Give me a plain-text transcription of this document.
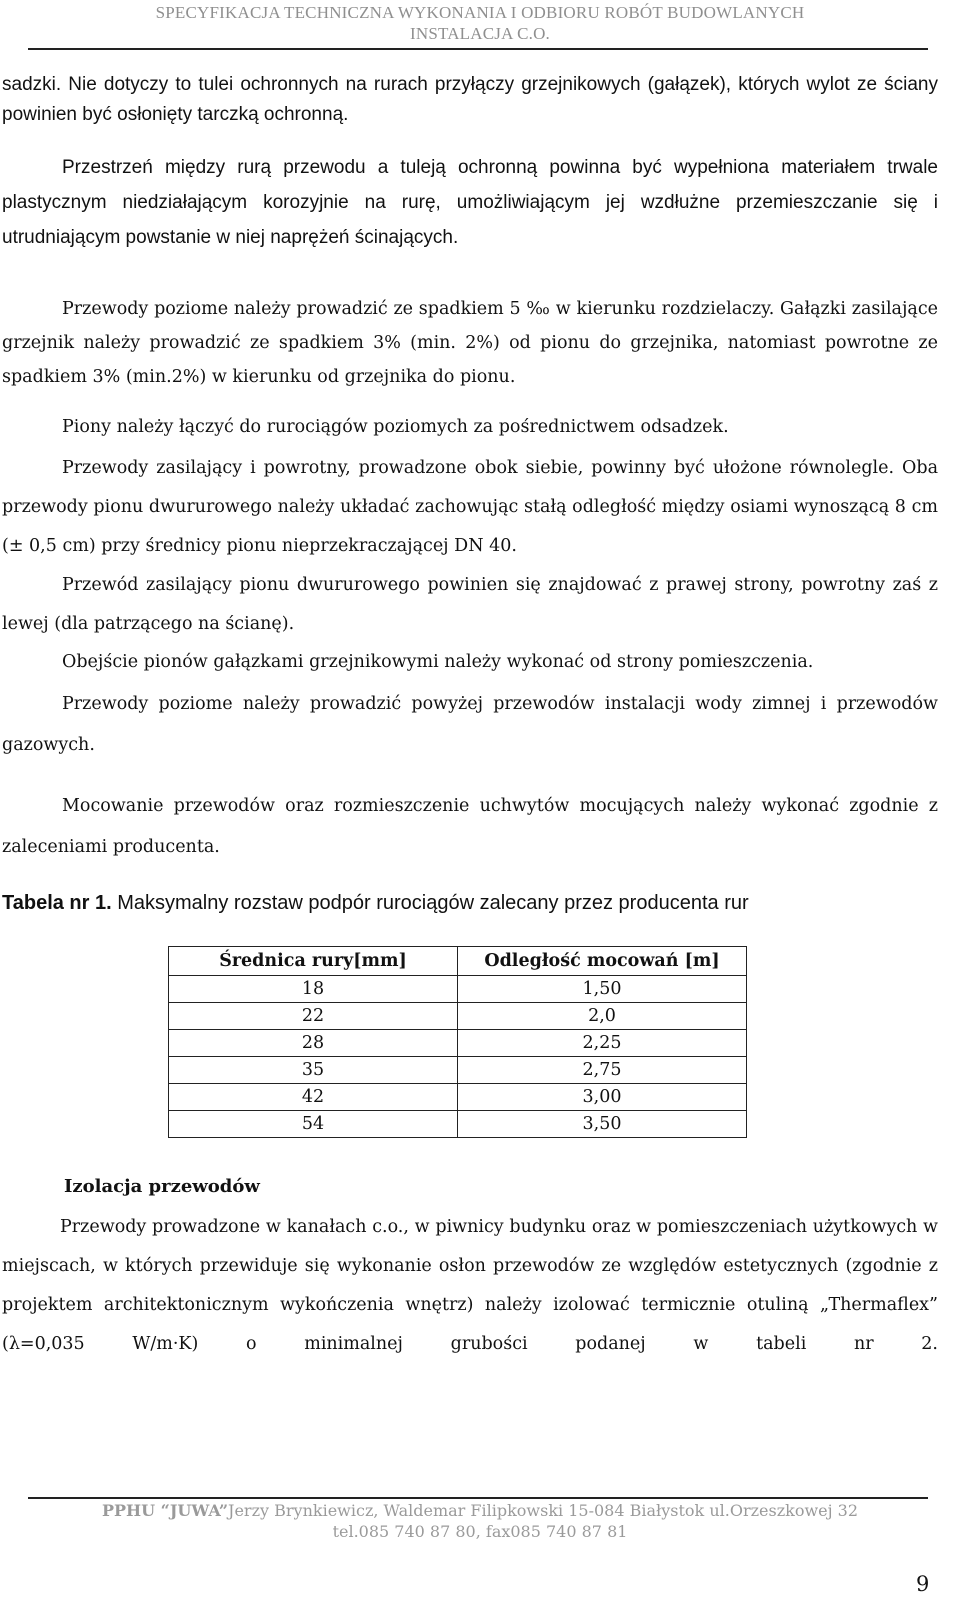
SPECYFIKACJA TECHNICZNA WYKONANIA I ODBIORU ROBÓT BUDOWLANYCH
INSTALACJA C.O.

sadzki. Nie dotyczy to tulei ochronnych na rurach przyłączy grzejnikowych (gałązek), których wylot ze ściany powinien być osłonięty tarczką ochronną.

Przestrzeń między rurą przewodu a tuleją ochronną powinna być wypełniona materiałem trwale plastycznym niedziałającym korozyjnie na rurę, umożliwiającym jej wzdłużne przemieszczanie się i utrudniającym powstanie w niej naprężeń ścinających.

Przewody poziome należy prowadzić ze spadkiem 5 ‰ w kierunku rozdzielaczy. Gałązki zasilające grzejnik należy prowadzić ze spadkiem 3% (min. 2%) od pionu do grzejnika, natomiast powrotne ze spadkiem 3% (min.2%) w kierunku od grzejnika do pionu.

Piony należy łączyć do rurociągów poziomych za pośrednictwem odsadzek.

Przewody zasilający i powrotny, prowadzone obok siebie, powinny być ułożone równolegle. Oba przewody pionu dwururowego należy układać zachowując stałą odległość między osiami wynoszącą 8 cm (± 0,5 cm) przy średnicy pionu nieprzekraczającej DN 40.

Przewód zasilający pionu dwururowego powinien się znajdować z prawej strony, powrotny zaś z lewej (dla patrzącego na ścianę).

Obejście pionów gałązkami grzejnikowymi należy wykonać od strony pomieszczenia.

Przewody poziome należy prowadzić powyżej przewodów instalacji wody zimnej i przewodów gazowych.

Mocowanie przewodów oraz rozmieszczenie uchwytów mocujących należy wykonać zgodnie z zaleceniami producenta.

Tabela nr 1. Maksymalny rozstaw podpór rurociągów zalecany przez producenta rur
Średnica rury[mm]	Odległość mocowań [m]
18	1,50
22	2,0
28	2,25
35	2,75
42	3,00
54	3,50
Izolacja przewodów

Przewody prowadzone w kanałach c.o., w piwnicy budynku oraz w pomieszczeniach użytkowych w miejscach, w których przewiduje się wykonanie osłon przewodów ze względów estetycznych (zgodnie z projektem architektonicznym wykończenia wnętrz) należy izolować termicznie otuliną „Thermaflex” (λ=0,035 W/m·K) o minimalnej grubości podanej w tabeli nr 2.

PPHU “JUWA”Jerzy Brynkiewicz, Waldemar Filipkowski 15-084 Białystok ul.Orzeszkowej 32
tel.085 740 87 80, fax085 740 87 81
9
